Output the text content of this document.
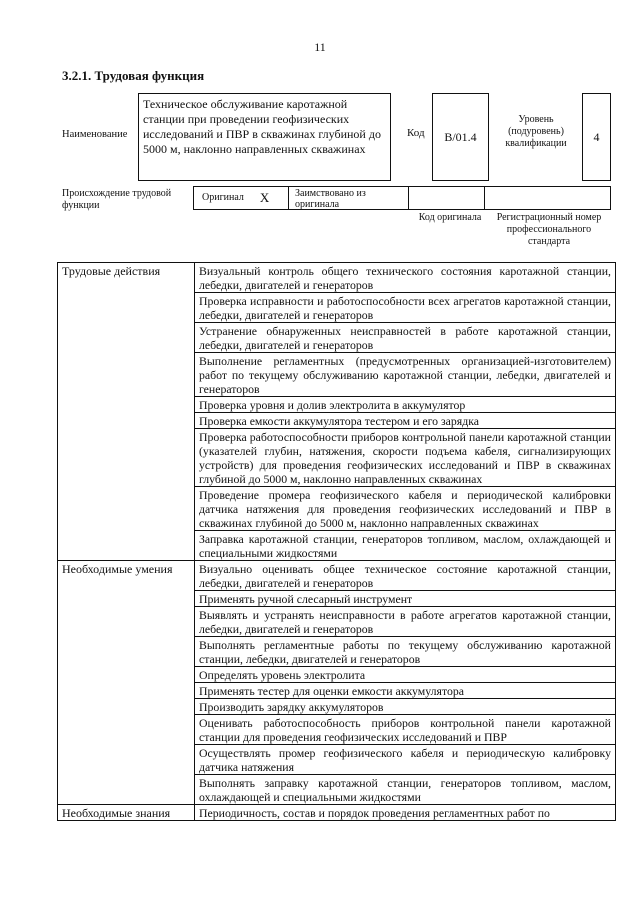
11
3.2.1. Трудовая функция
Наименование
Техническое обслуживание каротажной станции при проведении геофизических исследований и ПВР в скважинах глубиной до 5000 м, наклонно направленных скважинах
Код B/01.4
Уровень (подуровень) квалификации	4
Происхождение трудовой функции
Оригинал X	Заимствовано из оригинала
Код оригинала	Регистрационный номер профессионального стандарта
Трудовые действия	Визуальный контроль общего технического состояния каротажной станции, лебедки, двигателей и генераторов
	Проверка исправности и работоспособности всех агрегатов каротажной станции, лебедки, двигателей и генераторов
	Устранение обнаруженных неисправностей в работе каротажной станции, лебедки, двигателей и генераторов
	Выполнение регламентных (предусмотренных организацией-изготовителем) работ по текущему обслуживанию каротажной станции, лебедки, двигателей и генераторов
	Проверка уровня и долив электролита в аккумулятор
	Проверка емкости аккумулятора тестером и его зарядка
	Проверка работоспособности приборов контрольной панели каротажной станции (указателей глубин, натяжения, скорости подъема кабеля, сигнализирующих устройств) для проведения геофизических исследований и ПВР в скважинах глубиной до 5000 м, наклонно направленных скважинах
	Проведение промера геофизического кабеля и периодической калибровки датчика натяжения для проведения геофизических исследований и ПВР в скважинах глубиной до 5000 м, наклонно направленных скважинах
	Заправка каротажной станции, генераторов топливом, маслом, охлаждающей и специальными жидкостями
Необходимые умения	Визуально оценивать общее техническое состояние каротажной станции, лебедки, двигателей и генераторов
	Применять ручной слесарный инструмент
	Выявлять и устранять неисправности в работе агрегатов каротажной станции, лебедки, двигателей и генераторов
	Выполнять регламентные работы по текущему обслуживанию каротажной станции, лебедки, двигателей и генераторов
	Определять уровень электролита
	Применять тестер для оценки емкости аккумулятора
	Производить зарядку аккумуляторов
	Оценивать работоспособность приборов контрольной панели каротажной станции для проведения геофизических исследований и ПВР
	Осуществлять промер геофизического кабеля и периодическую калибровку датчика натяжения
	Выполнять заправку каротажной станции, генераторов топливом, маслом, охлаждающей и специальными жидкостями
Необходимые знания	Периодичность, состав и порядок проведения регламентных работ по
